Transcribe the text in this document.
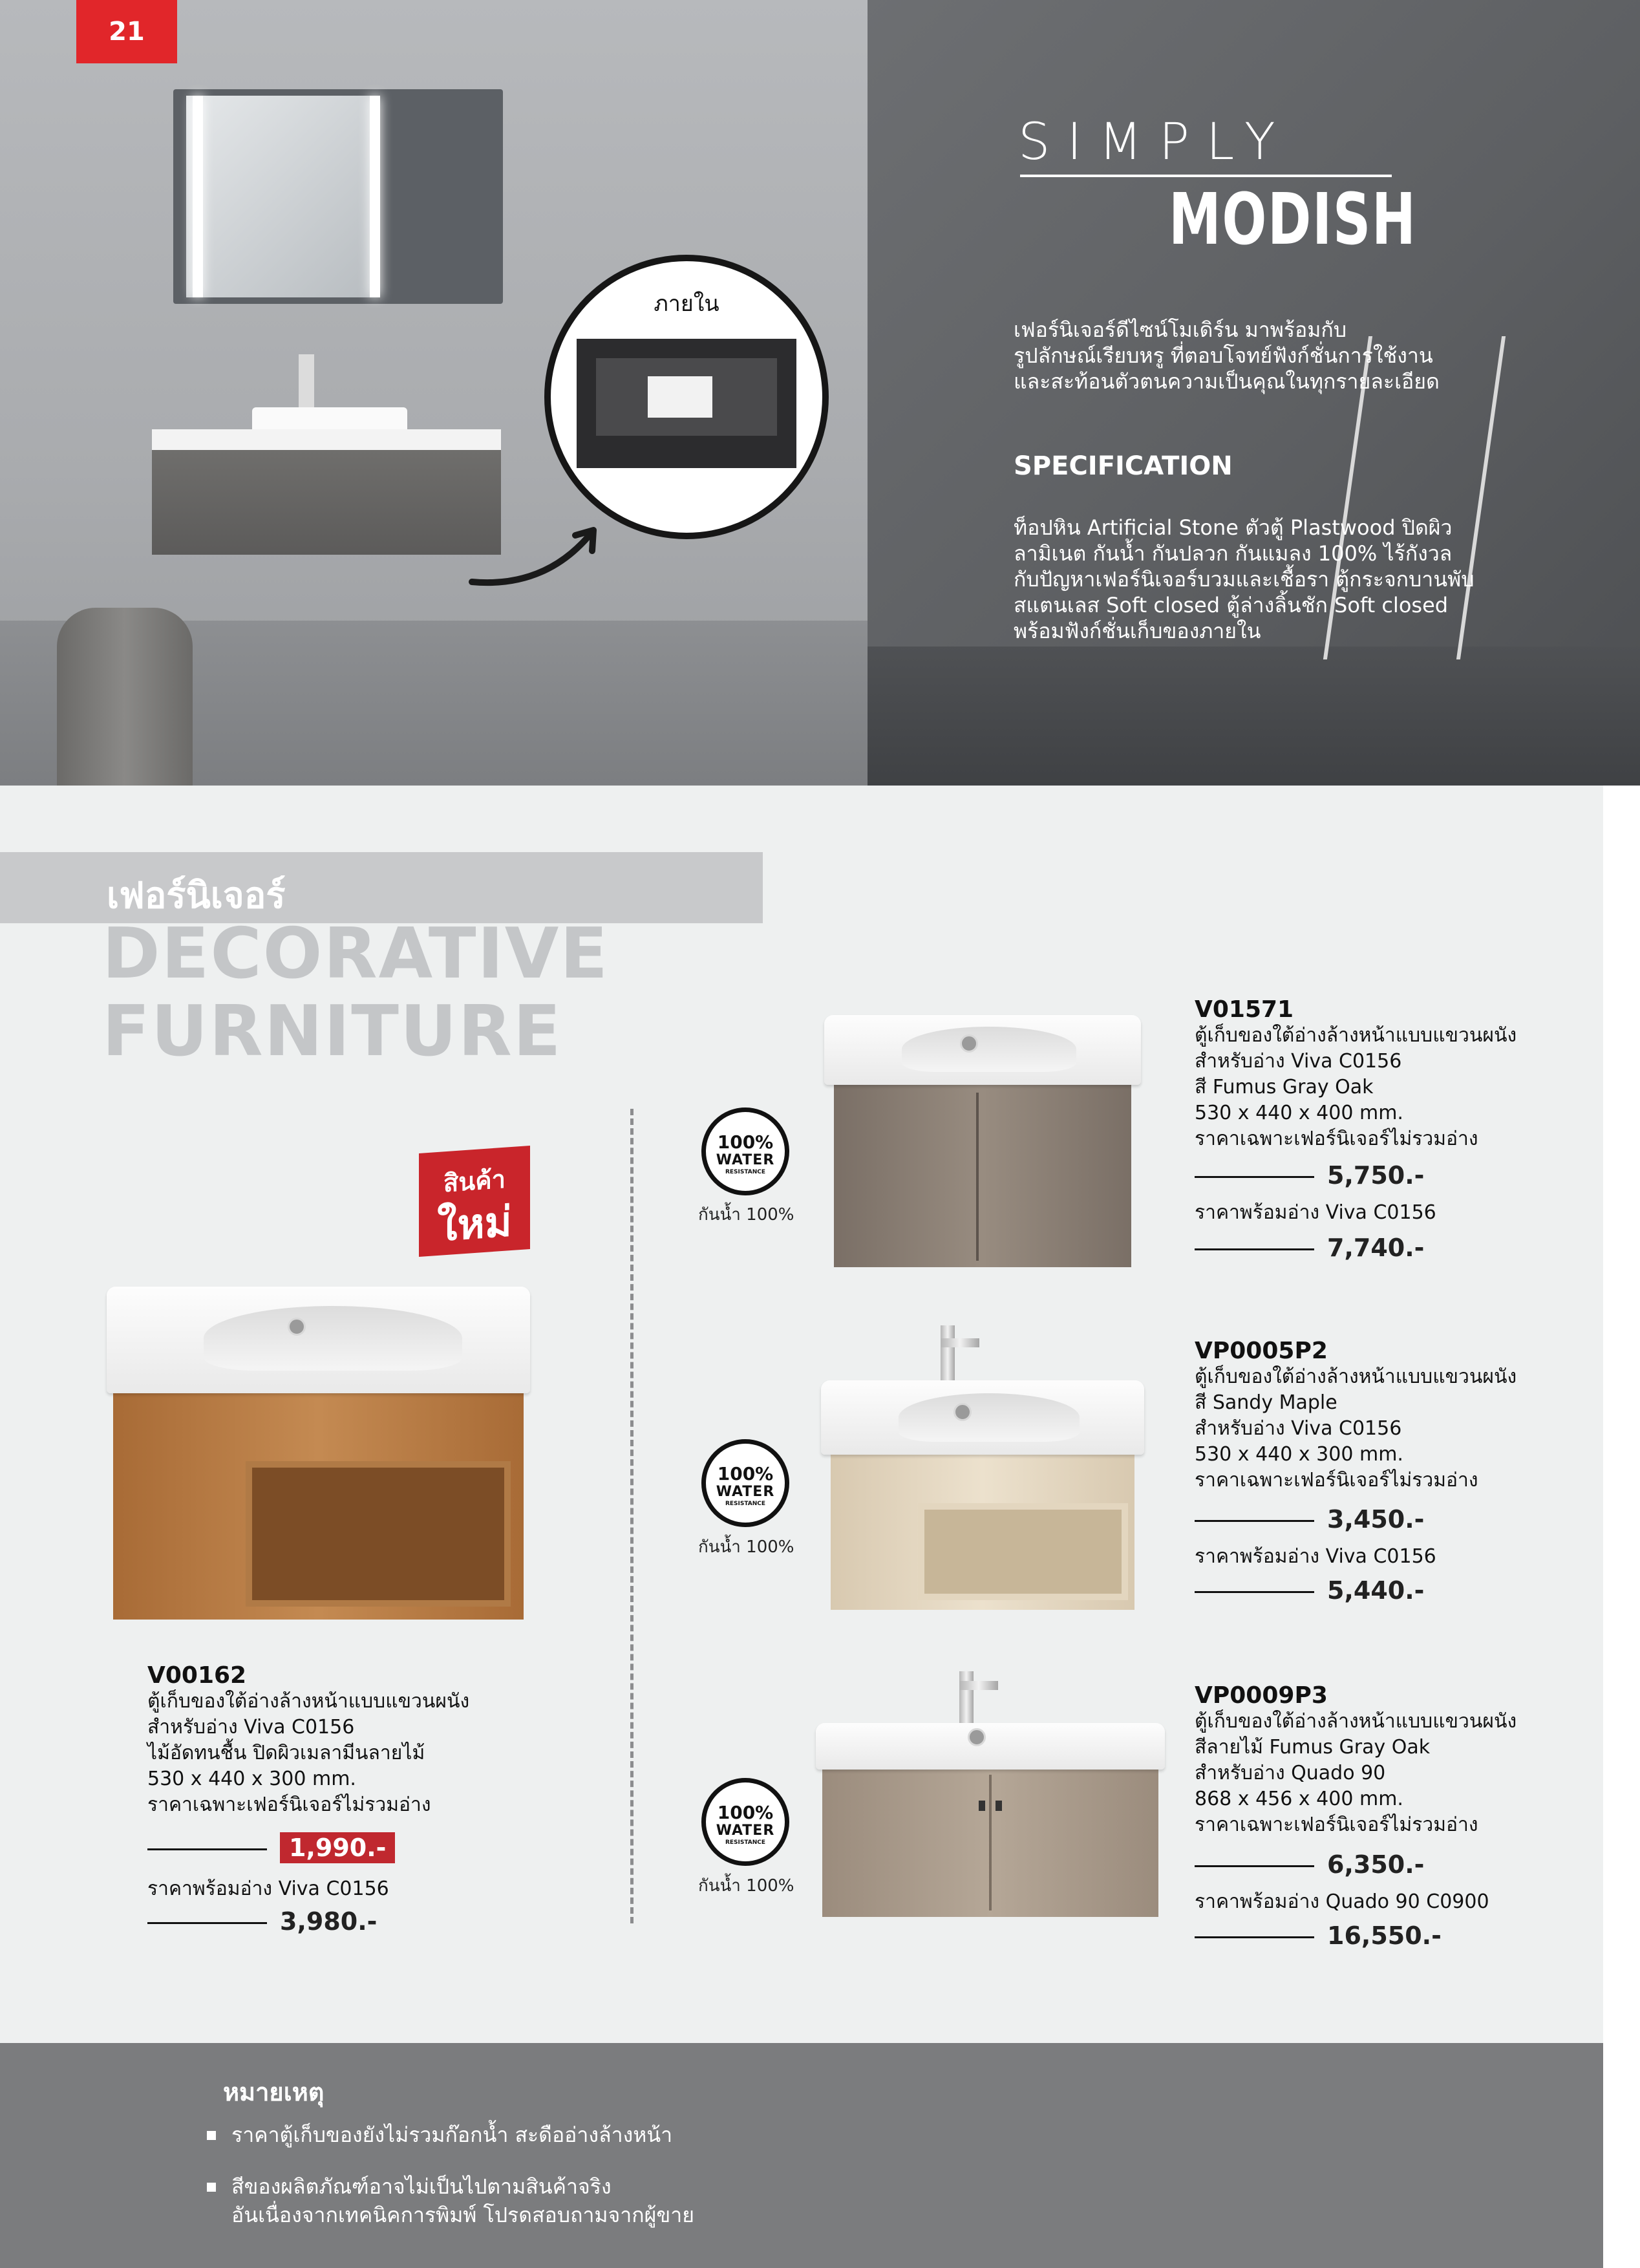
ภายใน
21
SIMPLY
MODISH
เฟอร์นิเจอร์ดีไซน์โมเดิร์น มาพร้อมกับ
รูปลักษณ์เรียบหรู ที่ตอบโจทย์ฟังก์ชั่นการใช้งาน
และสะท้อนตัวตนความเป็นคุณในทุกรายละเอียด
SPECIFICATION
ท็อปหิน Artificial Stone ตัวตู้ Plastwood ปิดผิว
ลามิเนต กันน้ำ กันปลวก กันแมลง 100% ไร้กังวล
กับปัญหาเฟอร์นิเจอร์บวมและเชื้อรา ตู้กระจกบานพับ
สแตนเลส Soft closed ตู้ล่างลิ้นชัก Soft closed
พร้อมฟังก์ชั่นเก็บของภายใน
เฟอร์นิเจอร์
DECORATIVE
FURNITURE
สินค้า
ใหม่
V00162
ตู้เก็บของใต้อ่างล้างหน้าแบบแขวนผนัง
สำหรับอ่าง Viva C0156
ไม้อัดทนชื้น ปิดผิวเมลามีนลายไม้
530 x 440 x 300 mm.
ราคาเฉพาะเฟอร์นิเจอร์ไม่รวมอ่าง
1,990.-
ราคาพร้อมอ่าง Viva C0156
3,980.-
100%
WATER
RESISTANCE
กันน้ำ 100%
V01571
ตู้เก็บของใต้อ่างล้างหน้าแบบแขวนผนัง
สำหรับอ่าง Viva C0156
สี Fumus Gray Oak
530 x 440 x 400 mm.
ราคาเฉพาะเฟอร์นิเจอร์ไม่รวมอ่าง
5,750.-
ราคาพร้อมอ่าง Viva C0156
7,740.-
100%
WATER
RESISTANCE
กันน้ำ 100%
VP0005P2
ตู้เก็บของใต้อ่างล้างหน้าแบบแขวนผนัง
สี Sandy Maple
สำหรับอ่าง Viva C0156
530 x 440 x 300 mm.
ราคาเฉพาะเฟอร์นิเจอร์ไม่รวมอ่าง
3,450.-
ราคาพร้อมอ่าง Viva C0156
5,440.-
100%
WATER
RESISTANCE
กันน้ำ 100%
VP0009P3
ตู้เก็บของใต้อ่างล้างหน้าแบบแขวนผนัง
สีลายไม้ Fumus Gray Oak
สำหรับอ่าง Quado 90
868 x 456 x 400 mm.
ราคาเฉพาะเฟอร์นิเจอร์ไม่รวมอ่าง
6,350.-
ราคาพร้อมอ่าง Quado 90 C0900
16,550.-
หมายเหตุ
ราคาตู้เก็บของยังไม่รวมก๊อกน้ำ สะดืออ่างล้างหน้า
สีของผลิตภัณฑ์อาจไม่เป็นไปตามสินค้าจริง
อันเนื่องจากเทคนิคการพิมพ์ โปรดสอบถามจากผู้ขาย
